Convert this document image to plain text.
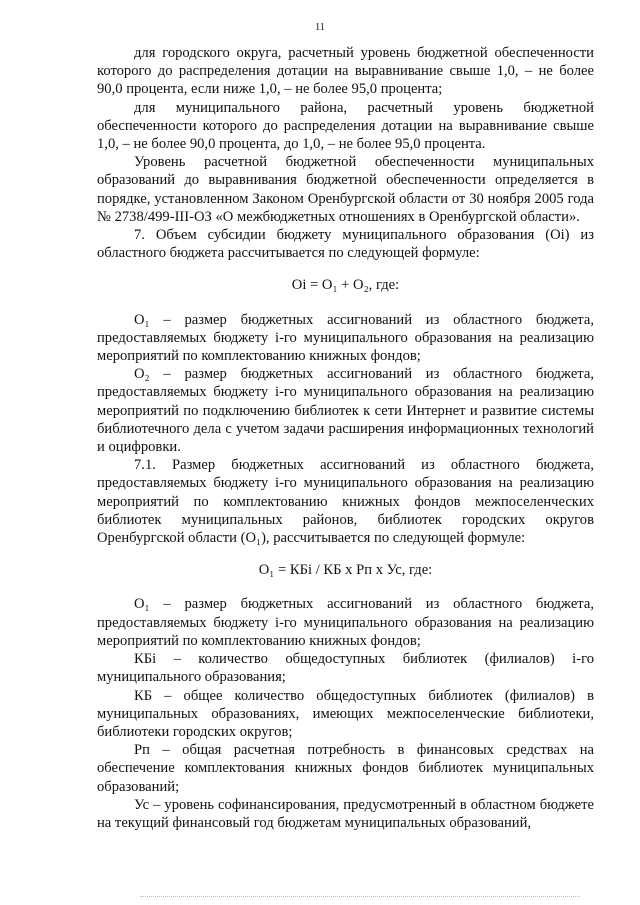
11

для городского округа, расчетный уровень бюджетной обеспеченности которого до распределения дотации на выравнивание свыше 1,0, – не более 90,0 процента, если ниже 1,0, – не более 95,0 процента;

для муниципального района, расчетный уровень бюджетной обеспеченности которого до распределения дотации на выравнивание свыше 1,0, – не более 90,0 процента, до 1,0, – не более 95,0 процента.

Уровень расчетной бюджетной обеспеченности муниципальных образований до выравнивания бюджетной обеспеченности определяется в порядке, установленном Законом Оренбургской области от 30 ноября 2005 года № 2738/499-III-ОЗ «О межбюджетных отношениях в Оренбургской области».

7. Объем субсидии бюджету муниципального образования (Оi) из областного бюджета рассчитывается по следующей формуле:

Оi = О₁ + О₂, где:

О₁ – размер бюджетных ассигнований из областного бюджета, предоставляемых бюджету i-го муниципального образования на реализацию мероприятий по комплектованию книжных фондов;

О₂ – размер бюджетных ассигнований из областного бюджета, предоставляемых бюджету i-го муниципального образования на реализацию мероприятий по подключению библиотек к сети Интернет и развитие системы библиотечного дела с учетом задачи расширения информационных технологий и оцифровки.

7.1. Размер бюджетных ассигнований из областного бюджета, предоставляемых бюджету i-го муниципального образования на реализацию мероприятий по комплектованию книжных фондов межпоселенческих библиотек муниципальных районов, библиотек городских округов Оренбургской области (О₁), рассчитывается по следующей формуле:

О₁ = КБi / КБ х Рп х Ус, где:

О₁ – размер бюджетных ассигнований из областного бюджета, предоставляемых бюджету i-го муниципального образования на реализацию мероприятий по комплектованию книжных фондов;

КБi – количество общедоступных библиотек (филиалов) i-го муниципального образования;

КБ – общее количество общедоступных библиотек (филиалов) в муниципальных образованиях, имеющих межпоселенческие библиотеки, библиотеки городских округов;

Рп – общая расчетная потребность в финансовых средствах на обеспечение комплектования книжных фондов библиотек муниципальных образований;

Ус – уровень софинансирования, предусмотренный в областном бюджете на текущий финансовый год бюджетам муниципальных образований,
